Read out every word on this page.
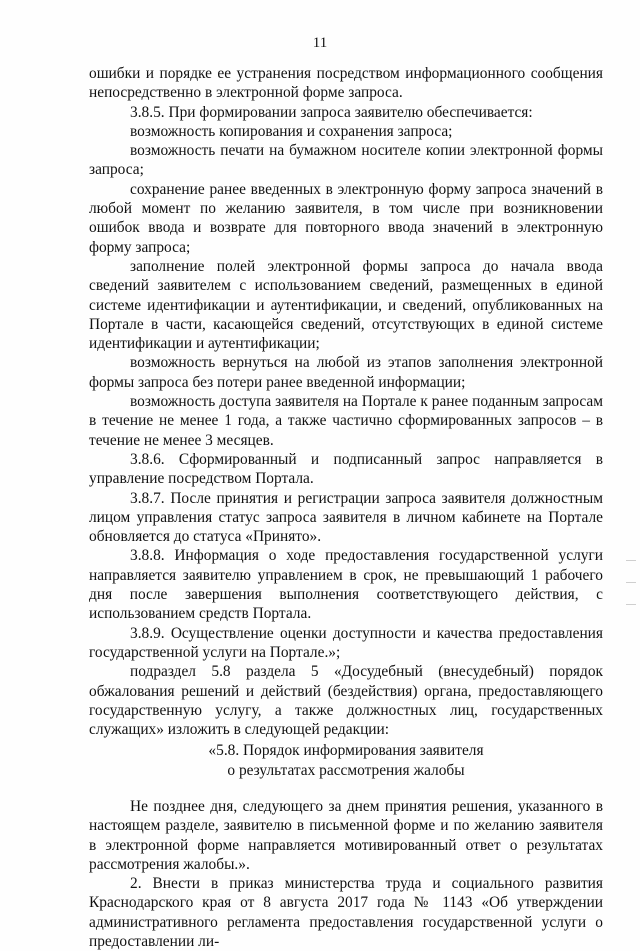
11

ошибки и порядке ее устранения посредством информационного сообщения непосредственно в электронной форме запроса.

3.8.5. При формировании запроса заявителю обеспечивается:

возможность копирования и сохранения запроса;

возможность печати на бумажном носителе копии электронной формы запроса;

сохранение ранее введенных в электронную форму запроса значений в любой момент по желанию заявителя, в том числе при возникновении ошибок ввода и возврате для повторного ввода значений в электронную форму запроса;

заполнение полей электронной формы запроса до начала ввода сведений заявителем с использованием сведений, размещенных в единой системе идентификации и аутентификации, и сведений, опубликованных на Портале в части, касающейся сведений, отсутствующих в единой системе идентификации и аутентификации;

возможность вернуться на любой из этапов заполнения электронной формы запроса без потери ранее введенной информации;

возможность доступа заявителя на Портале к ранее поданным запросам в течение не менее 1 года, а также частично сформированных запросов – в течение не менее 3 месяцев.

3.8.6. Сформированный и подписанный запрос направляется в управление посредством Портала.

3.8.7. После принятия и регистрации запроса заявителя должностным лицом управления статус запроса заявителя в личном кабинете на Портале обновляется до статуса «Принято».

3.8.8. Информация о ходе предоставления государственной услуги направляется заявителю управлением в срок, не превышающий 1 рабочего дня после завершения выполнения соответствующего действия, с использованием средств Портала.

3.8.9. Осуществление оценки доступности и качества предоставления государственной услуги на Портале.»;

подраздел 5.8 раздела 5 «Досудебный (внесудебный) порядок обжалования решений и действий (бездействия) органа, предоставляющего государственную услугу, а также должностных лиц, государственных служащих» изложить в следующей редакции:

«5.8. Порядок информирования заявителя

о результатах рассмотрения жалобы

Не позднее дня, следующего за днем принятия решения, указанного в настоящем разделе, заявителю в письменной форме и по желанию заявителя в электронной форме направляется мотивированный ответ о результатах рассмотрения жалобы.».

2. Внести в приказ министерства труда и социального развития Краснодарского края от 8 августа 2017 года № 1143 «Об утверждении административного регламента предоставления государственной услуги о предоставлении ли-
